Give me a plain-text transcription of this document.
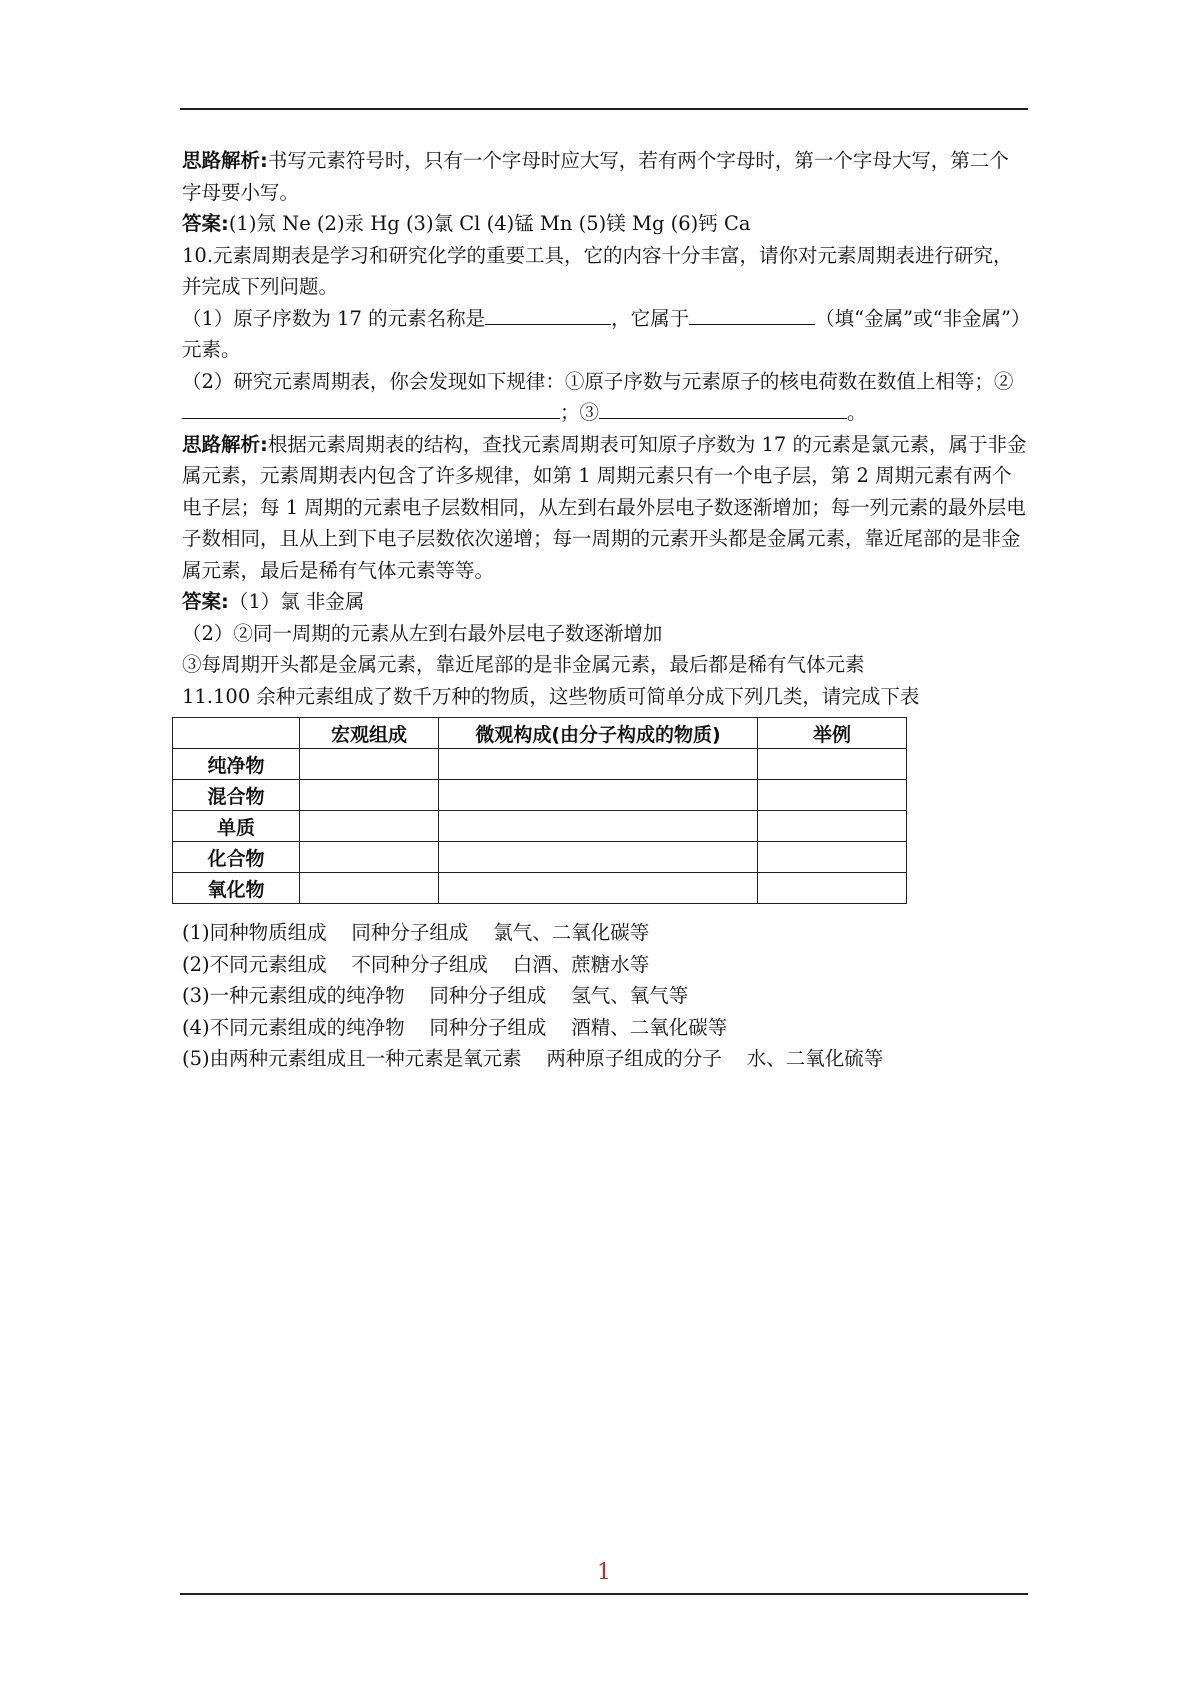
思路解析:书写元素符号时，只有一个字母时应大写，若有两个字母时，第一个字母大写，第二个字母要小写。

答案:(1)氖 Ne (2)汞 Hg (3)氯 Cl (4)锰 Mn (5)镁 Mg (6)钙 Ca

10.元素周期表是学习和研究化学的重要工具，它的内容十分丰富，请你对元素周期表进行研究，并完成下列问题。

（1）原子序数为 17 的元素名称是	，它属于	（填“金属”或“非金属”）元素。

（2）研究元素周期表，你会发现如下规律：①原子序数与元素原子的核电荷数在数值上相等；②；③	。

思路解析:根据元素周期表的结构，查找元素周期表可知原子序数为 17 的元素是氯元素，属于非金属元素，元素周期表内包含了许多规律，如第 1 周期元素只有一个电子层，第 2 周期元素有两个电子层；每 1 周期的元素电子层数相同，从左到右最外层电子数逐渐增加；每一列元素的最外层电子数相同，且从上到下电子层数依次递增；每一周期的元素开头都是金属元素，靠近尾部的是非金属元素，最后是稀有气体元素等等。

答案:（1）氯 非金属

（2）②同一周期的元素从左到右最外层电子数逐渐增加

③每周期开头都是金属元素，靠近尾部的是非金属元素，最后都是稀有气体元素

11.100 余种元素组成了数千万种的物质，这些物质可简单分成下列几类，请完成下表

	宏观组成	微观构成(由分子构成的物质)	举例
纯净物			
混合物			
单质			
化合物			
氧化物			

(1)同种物质组成    同种分子组成    氯气、二氧化碳等

(2)不同元素组成    不同种分子组成    白酒、蔗糖水等

(3)一种元素组成的纯净物    同种分子组成    氢气、氧气等

(4)不同元素组成的纯净物    同种分子组成    酒精、二氧化碳等

(5)由两种元素组成且一种元素是氧元素    两种原子组成的分子    水、二氧化硫等

1
